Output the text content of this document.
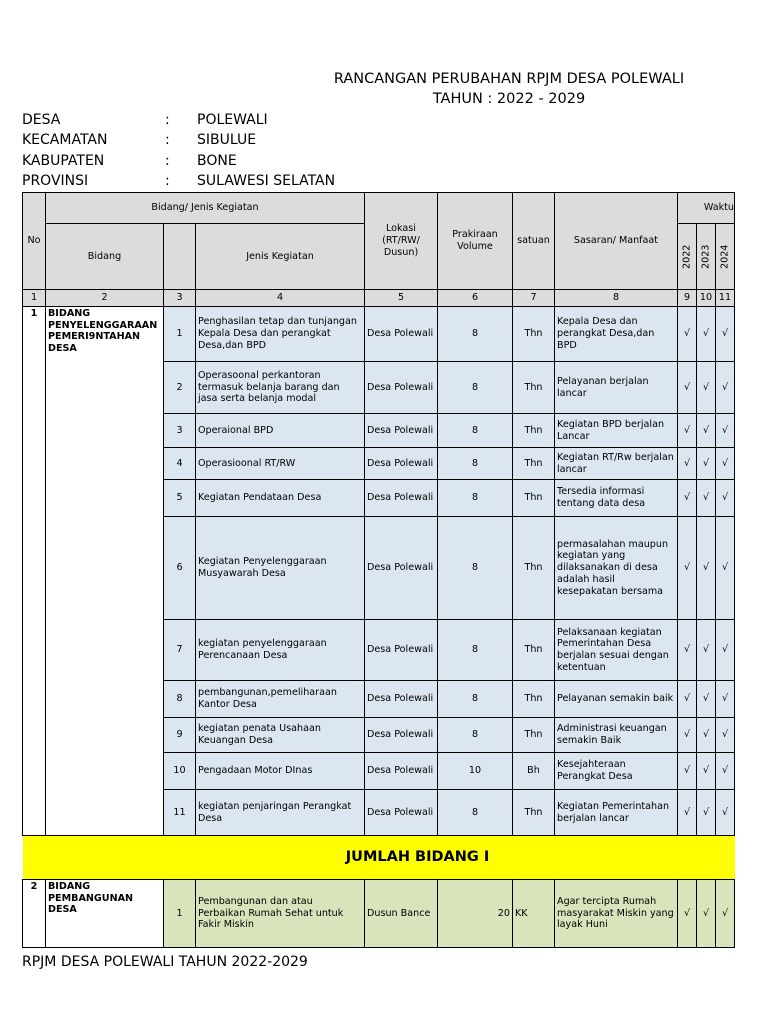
RANCANGAN PERUBAHAN RPJM DESA POLEWALI
TAHUN : 2022 - 2029
DESA	: POLEWALI
KECAMATAN	: SIBULUE
KABUPATEN	: BONE
PROVINSI	: SULAWESI SELATAN
No	Bidang/ Jenis Kegiatan			Lokasi (RT/RW/ Dusun)	Prakiraan Volume	satuan	Sasaran/ Manfaat	Waktu		
	Bidang		Jenis Kegiatan					2022	2023	2024
1	2	3	4	5	6	7	8	9	10	11
1	BIDANG PENYELENGGARAAN PEMERI9NTAHAN DESA	1	Penghasilan tetap dan tunjangan Kepala Desa dan perangkat Desa,dan BPD	Desa Polewali	8	Thn	Kepala Desa dan perangkat Desa,dan BPD	√	√	√
		2	Operasoonal perkantoran termasuk belanja barang dan jasa serta belanja modal	Desa Polewali	8	Thn	Pelayanan berjalan lancar	√	√	√
		3	Operaional BPD	Desa Polewali	8	Thn	Kegiatan BPD berjalan Lancar	√	√	√
		4	Operasioonal RT/RW	Desa Polewali	8	Thn	Kegiatan RT/Rw berjalan lancar	√	√	√
		5	Kegiatan Pendataan Desa	Desa Polewali	8	Thn	Tersedia informasi tentang data desa	√	√	√
		6	Kegiatan Penyelenggaraan Musyawarah Desa	Desa Polewali	8	Thn	permasalahan maupun kegiatan yang dilaksanakan di desa adalah hasil kesepakatan bersama	√	√	√
		7	kegiatan penyelenggaraan Perencanaan Desa	Desa Polewali	8	Thn	Pelaksanaan kegiatan Pemerintahan Desa berjalan sesuai dengan ketentuan	√	√	√
		8	pembangunan,pemeliharaan Kantor Desa	Desa Polewali	8	Thn	Pelayanan semakin baik	√	√	√
		9	kegiatan penata Usahaan Keuangan Desa	Desa Polewali	8	Thn	Administrasi keuangan semakin Baik	√	√	√
		10	Pengadaan Motor DInas	Desa Polewali	10	Bh	Kesejahteraan Perangkat Desa	√	√	√
		11	kegiatan penjaringan Perangkat Desa	Desa Polewali	8	Thn	Kegiatan Pemerintahan berjalan lancar	√	√	√
JUMLAH BIDANG I										
2	BIDANG PEMBANGUNAN DESA	1	Pembangunan dan atau Perbaikan Rumah Sehat untuk Fakir Miskin	Dusun Bance	20	KK	Agar tercipta Rumah masyarakat Miskin yang layak Huni	√	√	√
RPJM DESA POLEWALI TAHUN 2022-2029
